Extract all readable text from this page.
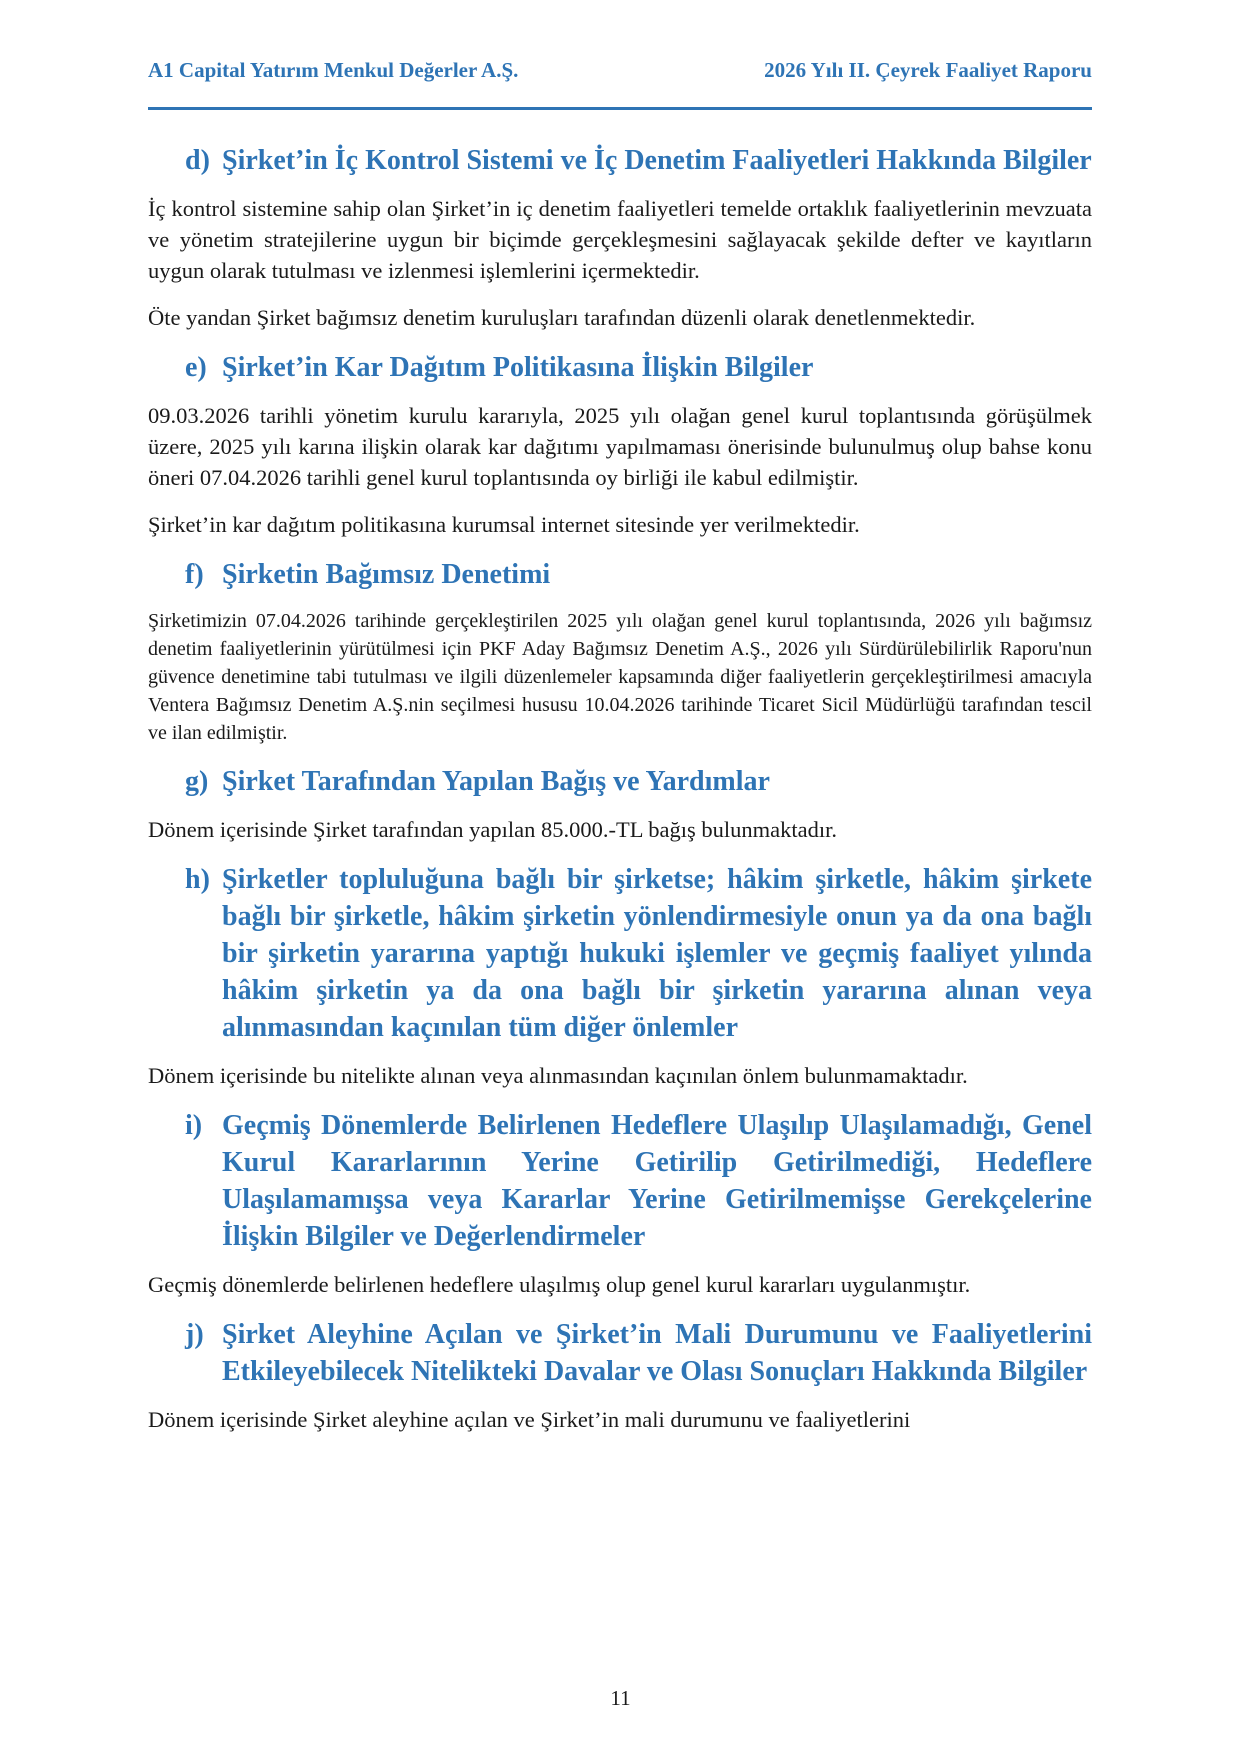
A1 Capital Yatırım Menkul Değerler A.Ş.	2026 Yılı II. Çeyrek Faaliyet Raporu
d) Şirket’in İç Kontrol Sistemi ve İç Denetim Faaliyetleri Hakkında Bilgiler

İç kontrol sistemine sahip olan Şirket’in iç denetim faaliyetleri temelde ortaklık faaliyetlerinin mevzuata ve yönetim stratejilerine uygun bir biçimde gerçekleşmesini sağlayacak şekilde defter ve kayıtların uygun olarak tutulması ve izlenmesi işlemlerini içermektedir.

Öte yandan Şirket bağımsız denetim kuruluşları tarafından düzenli olarak denetlenmektedir.

e) Şirket’in Kar Dağıtım Politikasına İlişkin Bilgiler

09.03.2026 tarihli yönetim kurulu kararıyla, 2025 yılı olağan genel kurul toplantısında görüşülmek üzere, 2025 yılı karına ilişkin olarak kar dağıtımı yapılmaması önerisinde bulunulmuş olup bahse konu öneri 07.04.2026 tarihli genel kurul toplantısında oy birliği ile kabul edilmiştir.

Şirket’in kar dağıtım politikasına kurumsal internet sitesinde yer verilmektedir.

f) Şirketin Bağımsız Denetimi

Şirketimizin 07.04.2026 tarihinde gerçekleştirilen 2025 yılı olağan genel kurul toplantısında, 2026 yılı bağımsız denetim faaliyetlerinin yürütülmesi için PKF Aday Bağımsız Denetim A.Ş., 2026 yılı Sürdürülebilirlik Raporu'nun güvence denetimine tabi tutulması ve ilgili düzenlemeler kapsamında diğer faaliyetlerin gerçekleştirilmesi amacıyla Ventera Bağımsız Denetim A.Ş.nin seçilmesi hususu 10.04.2026 tarihinde Ticaret Sicil Müdürlüğü tarafından tescil ve ilan edilmiştir.

g) Şirket Tarafından Yapılan Bağış ve Yardımlar

Dönem içerisinde Şirket tarafından yapılan 85.000.-TL bağış bulunmaktadır.

h) Şirketler topluluğuna bağlı bir şirketse; hâkim şirketle, hâkim şirkete bağlı bir şirketle, hâkim şirketin yönlendirmesiyle onun ya da ona bağlı bir şirketin yararına yaptığı hukuki işlemler ve geçmiş faaliyet yılında hâkim şirketin ya da ona bağlı bir şirketin yararına alınan veya alınmasından kaçınılan tüm diğer önlemler

Dönem içerisinde bu nitelikte alınan veya alınmasından kaçınılan önlem bulunmamaktadır.

i) Geçmiş Dönemlerde Belirlenen Hedeflere Ulaşılıp Ulaşılamadığı, Genel Kurul Kararlarının Yerine Getirilip Getirilmediği, Hedeflere Ulaşılamamışsa veya Kararlar Yerine Getirilmemişse Gerekçelerine İlişkin Bilgiler ve Değerlendirmeler

Geçmiş dönemlerde belirlenen hedeflere ulaşılmış olup genel kurul kararları uygulanmıştır.

j) Şirket Aleyhine Açılan ve Şirket’in Mali Durumunu ve Faaliyetlerini Etkileyebilecek Nitelikteki Davalar ve Olası Sonuçları Hakkında Bilgiler

Dönem içerisinde Şirket aleyhine açılan ve Şirket’in mali durumunu ve faaliyetlerini

11
